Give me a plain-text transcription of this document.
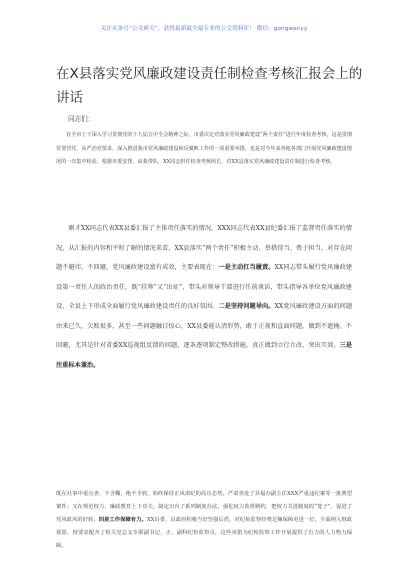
关注头条号“公文研究”，获得最新最全最专业的公文资料库！ 微信：gongwenyy
在X县落实党风廉政建设责任制检查考核汇报会上的讲话
同志们：

在全市上下深入学习贯彻党的十九届五中全会精神之际，市委决定对落实党风廉政建设“两个责任”进行年度检查考核，这是贯彻党要管党、从严治党要求，深入推进我市党风廉政建设和反腐败工作的一项重要举措，也是对今年来各地各部门开展党风廉政建设情况的一次集中检验。根据市委安排，由我带队，XX同志担任检查考核组长，对XX县落实党风廉政建设责任制进行检查考核。

刚才XX同志代表XX县委汇报了主体责任落实的情况，XXX同志代表XX县纪委汇报了监督责任落实的情况，从汇报的内容和平时了解的情况来看，XX县落实“两个责任”积极主动、举措得当、费于担当，对存在问题不避讳、不回避，党风廉政建设富有成效，主要表现在：一是主动扛当履责。XX同志带头履行党风廉政建设第一责任人的政治责任，既“挂帅”又“出征”，带头对领导干部进行任前谈话，带头指导各单位党风廉政建设，全县上下形成全面履行党风廉政建设责任的良好氛围。二是坚持问题导向。XX党风廉政建设方面的问题由来已久、欠账很多，甚至一些问题触目惊心，XX县委能认清形势，敢于正视和直面问题，做到不遮掩、不回避，尤其是针对省委XX巡视组反馈的问题，逐条逐项制定整改措施，真正做到立行立改、突出实效。三是注重标本兼治。

既在社事中重点查、不含糊，绝不手软，始终保持正风肃纪的高压态势，严肃查处了县福办副主任XXX严重违纪案等一批典型案件；又在规范权力、廉政教育上下功夫，制定出台了系列制度办法，强化权力监督制约，把权力关进制度的“笼子”，促进了党风政风的好转。四是工作保障有力。XX县委、县政府积极当好坚强后盾，对纪检监察经费足额保障更进一位，全面纳入财政预算，按要求配齐了机关党总支专职副书记，正、副科纪检监察员，这些举措为纪检监察工作开展提供了有力的人力物力保障。
